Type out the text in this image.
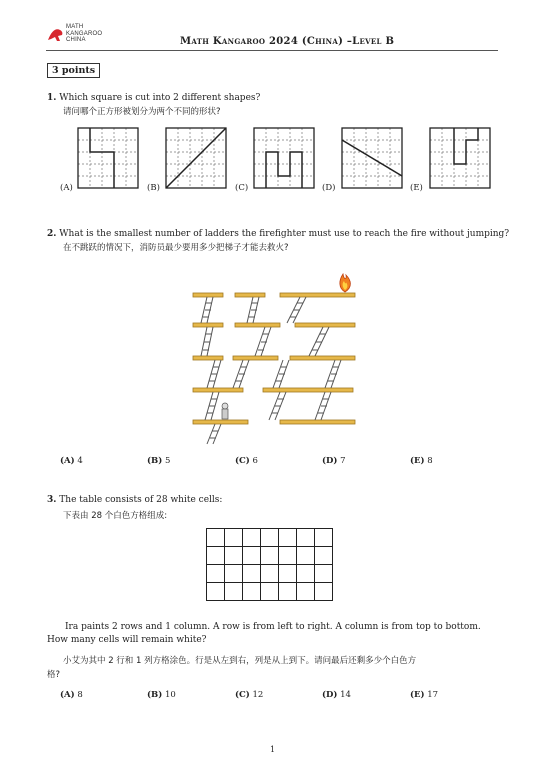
MATH
KANGAROO
CHINA	Math Kangaroo 2024 (China) –Level B
3 points
1. Which square is cut into 2 different shapes?
请问哪个正方形被划分为两个不同的形状?
(A)	(B)	(C)	(D)	(E)
2. What is the smallest number of ladders the firefighter must use to reach the fire without jumping?
在不跳跃的情况下，消防员最少要用多少把梯子才能去救火?
(A) 4	(B) 5	(C) 6	(D) 7	(E) 8
3. The table consists of 28 white cells:
下表由 28 个白色方格组成:

Ira paints 2 rows and 1 column. A row is from left to right. A column is from top to bottom.
How many cells will remain white?
小艾为其中 2 行和 1 列方格涂色。行是从左到右，列是从上到下。请问最后还剩多少个白色方
格?
(A) 8	(B) 10	(C) 12	(D) 14	(E) 17
1
